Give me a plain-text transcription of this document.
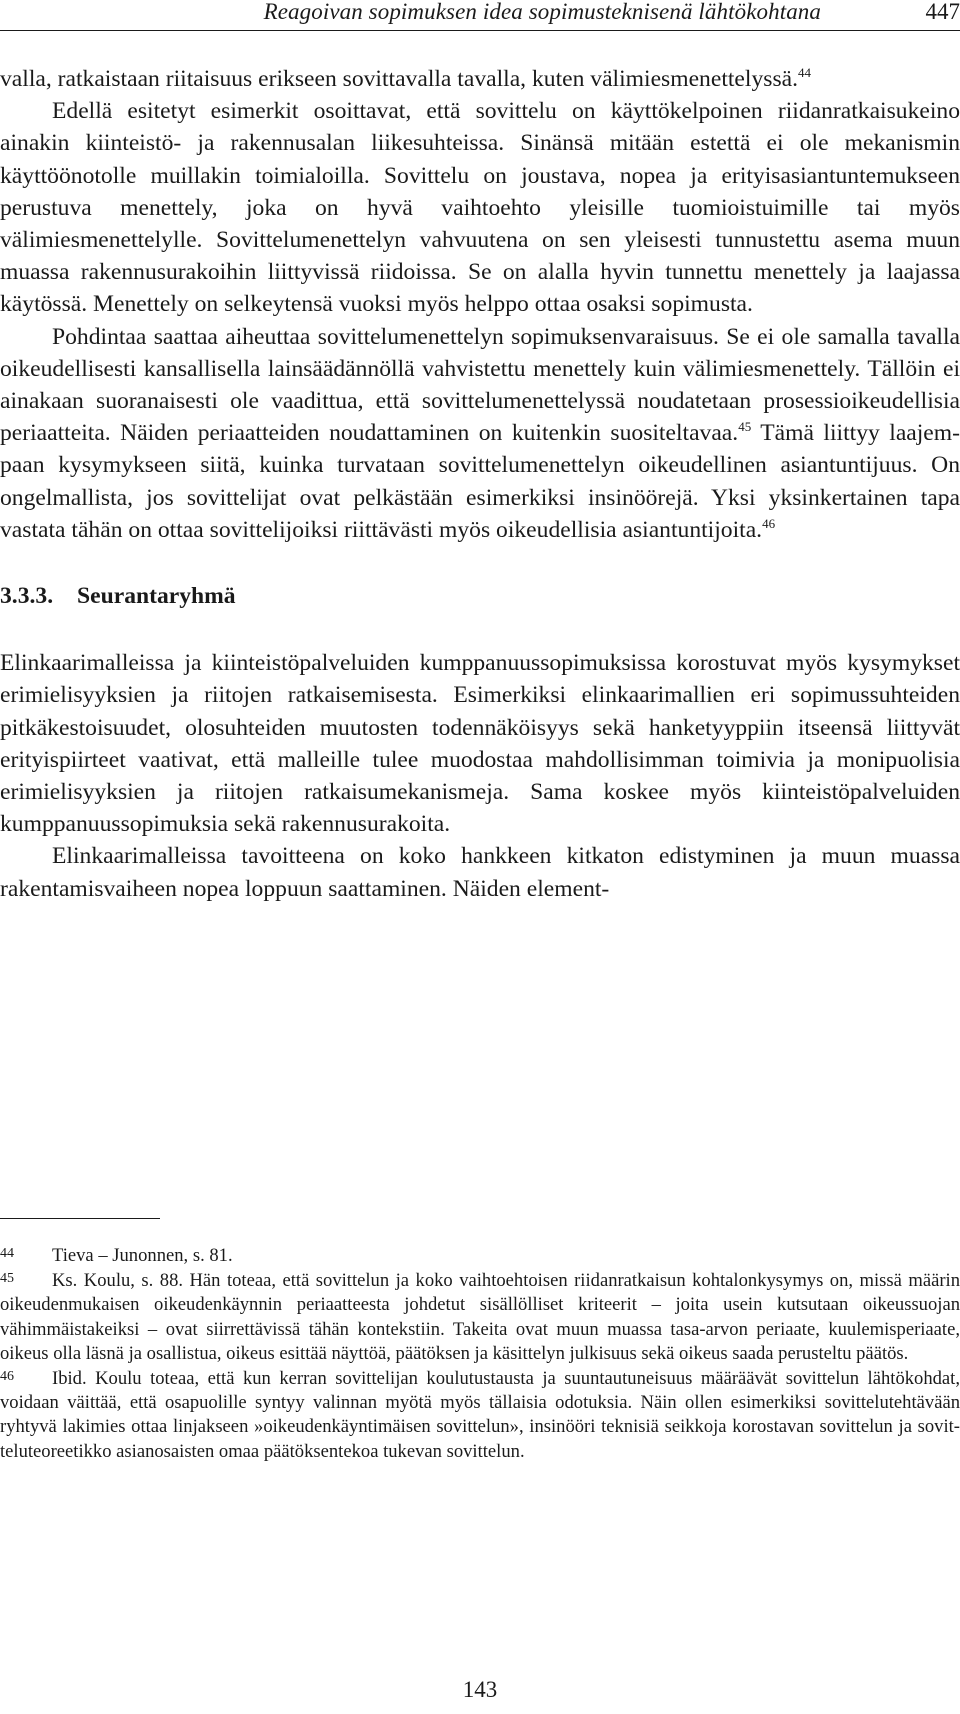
Reagoivan sopimuksen idea sopimusteknisenä lähtökohtana	447

valla, ratkaistaan riitaisuus erikseen sovittavalla tavalla, kuten välimiesmenettelyssä.$^{44}$

Edellä esitetyt esimerkit osoittavat, että sovittelu on käyttökelpoinen riidanratkaisukeino ainakin kiinteistö- ja rakennusalan liikesuhteissa. Sinänsä mitään estettä ei ole mekanismin käyttöönotolle muillakin toimialoilla. Sovittelu on joustava, nopea ja erityisasiantuntemukseen perustuva menettely, joka on hyvä vaihtoehto yleisille tuomioistuimille tai myös välimiesmenettelylle. Sovittelumenettelyn vahvuutena on sen yleisesti tunnustettu asema muun muassa rakennusurakoihin liittyvissä riidoissa. Se on alalla hyvin tunnettu menettely ja laajassa käytössä. Menettely on selkeytensä vuoksi myös helppo ottaa osaksi sopimusta.

Pohdintaa saattaa aiheuttaa sovittelumenettelyn sopimuksenvaraisuus. Se ei ole samalla tavalla oikeudellisesti kansallisella lainsäädännöllä vahvistettu menettely kuin välimiesmenettely. Tällöin ei ainakaan suoranaisesti ole vaadittua, että sovittelumenettelyssä noudatetaan prosessioikeudellisia periaatteita. Näiden periaatteiden noudattaminen on kuitenkin suositeltavaa.$^{45}$ Tämä liittyy laajempaan kysymykseen siitä, kuinka turvataan sovittelumenettelyn oikeudellinen asiantuntijuus. On ongelmallista, jos sovittelijat ovat pelkästään esimerkiksi insinöörejä. Yksi yksinkertainen tapa vastata tähän on ottaa sovittelijoiksi riittävästi myös oikeudellisia asiantuntijoita.$^{46}$

3.3.3. Seurantaryhmä

Elinkaarimalleissa ja kiinteistöpalveluiden kumppanuussopimuksissa korostuvat myös kysymykset erimielisyyksien ja riitojen ratkaisemisesta. Esimerkiksi elinkaarimallien eri sopimussuhteiden pitkäkestoisuudet, olosuhteiden muutosten todennäköisyys sekä hanketyyppiin itseensä liittyvät erityispiirteet vaativat, että malleille tulee muodostaa mahdollisimman toimivia ja monipuolisia erimielisyyksien ja riitojen ratkaisumekanismeja. Sama koskee myös kiinteistöpalveluiden kumppanuussopimuksia sekä rakennusurakoita.

Elinkaarimalleissa tavoitteena on koko hankkeen kitkaton edistyminen ja muun muassa rakentamisvaiheen nopea loppuun saattaminen. Näiden element-

44 Tieva – Junonnen, s. 81.

45 Ks. Koulu, s. 88. Hän toteaa, että sovittelun ja koko vaihtoehtoisen riidanratkaisun kohtalonkysymys on, missä määrin oikeudenmukaisen oikeudenkäynnin periaatteesta johdetut sisällölliset kriteerit – joita usein kutsutaan oikeussuojan vähimmäistakeiksi – ovat siirrettävissä tähän kontekstiin. Takeita ovat muun muassa tasa-arvon periaate, kuulemisperiaate, oikeus olla läsnä ja osallistua, oikeus esittää näyttöä, päätöksen ja käsittelyn julkisuus sekä oikeus saada perusteltu päätös.

46 Ibid. Koulu toteaa, että kun kerran sovittelijan koulutustausta ja suuntautuneisuus määräävät sovittelun lähtökohdat, voidaan väittää, että osapuolille syntyy valinnan myötä myös tällaisia odotuksia. Näin ollen esimerkiksi sovittelutehtävään ryhtyvä lakimies ottaa linjakseen »oikeudenkäyntimäisen sovittelun», insinööri teknisiä seikkoja korostavan sovittelun ja sovitteluteoreetikko asianosaisten omaa päätöksentekoa tukevan sovittelun.

143
